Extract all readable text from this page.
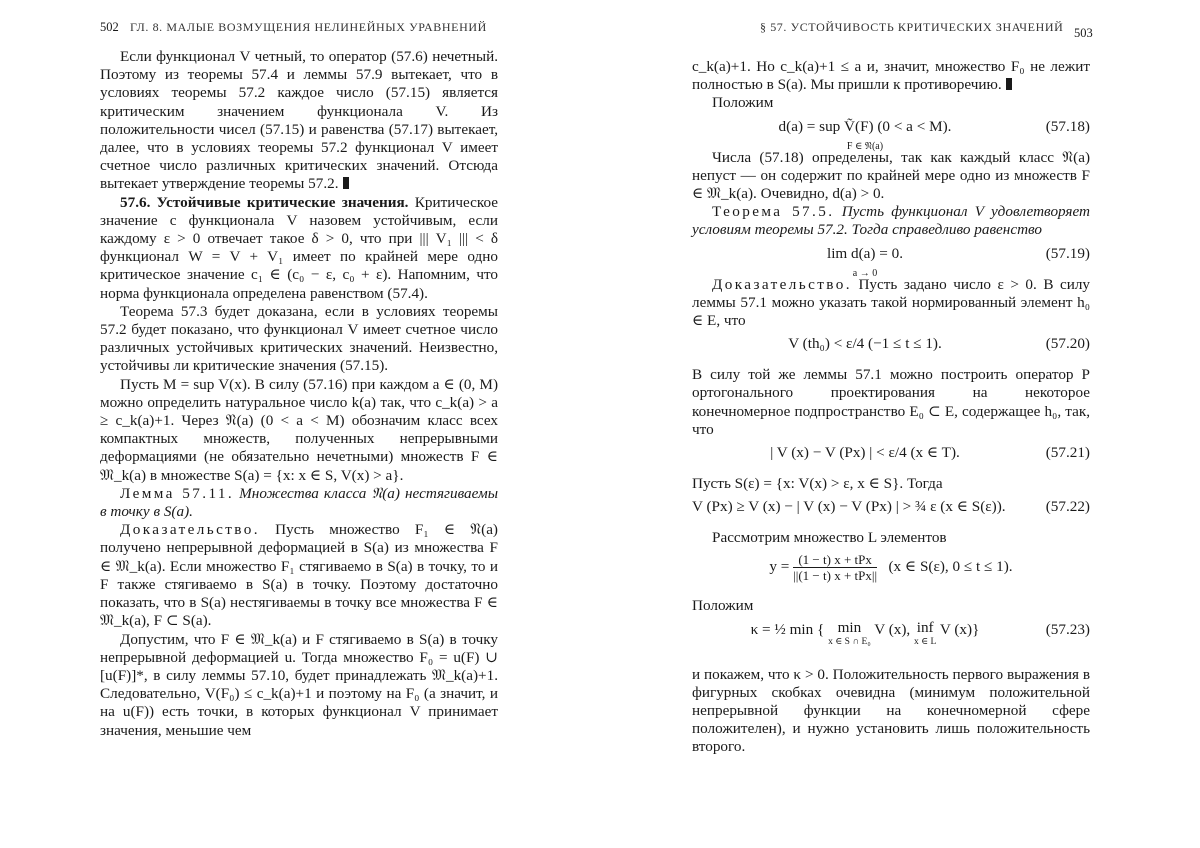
502 ГЛ. 8. МАЛЫЕ ВОЗМУЩЕНИЯ НЕЛИНЕЙНЫХ УРАВНЕНИЙ

Если функционал V четный, то оператор (57.6) нечетный. Поэтому из теоремы 57.4 и леммы 57.9 вытекает, что в условиях теоремы 57.2 каждое число (57.15) является критическим значением функционала V. Из положительности чисел (57.15) и равенства (57.17) вытекает, далее, что в условиях теоремы 57.2 функционал V имеет счетное число различных критических значений. Отсюда вытекает утверждение теоремы 57.2.

57.6. Устойчивые критические значения. Критическое значение c функционала V назовем устойчивым, если каждому ε > 0 отвечает такое δ > 0, что при ||| V₁ ||| < δ функционал W = V + V₁ имеет по крайней мере одно критическое значение c₁ ∈ (c₀ − ε, c₀ + ε). Напомним, что норма функционала определена равенством (57.4).

Теорема 57.3 будет доказана, если в условиях теоремы 57.2 будет показано, что функционал V имеет счетное число различных устойчивых критических значений. Неизвестно, устойчивы ли критические значения (57.15).

Пусть M = sup V(x). В силу (57.16) при каждом a ∈ (0, M) можно определить натуральное число k(a) так, что c_k(a) > a ≥ c_k(a)+1. Через 𝔑(a) (0 < a < M) обозначим класс всех компактных множеств, полученных непрерывными деформациями (не обязательно нечетными) множеств F ∈ 𝔐_k(a) в множестве S(a) = {x: x ∈ S, V(x) > a}.

Лемма 57.11. Множества класса 𝔑(a) нестягиваемы в точку в S(a).

Доказательство. Пусть множество F₁ ∈ 𝔑(a) получено непрерывной деформацией в S(a) из множества F ∈ 𝔐_k(a). Если множество F₁ стягиваемо в S(a) в точку, то и F также стягиваемо в S(a) в точку. Поэтому достаточно показать, что в S(a) нестягиваемы в точку все множества F ∈ 𝔐_k(a), F ⊂ S(a).

Допустим, что F ∈ 𝔐_k(a) и F стягиваемо в S(a) в точку непрерывной деформацией u. Тогда множество F₀ = u(F) ∪ [u(F)]*, в силу леммы 57.10, будет принадлежать 𝔐_k(a)+1. Следовательно, V(F₀) ≤ c_k(a)+1 и поэтому на F₀ (а значит, и на u(F)) есть точки, в которых функционал V принимает значения, меньшие чем

§ 57. УСТОЙЧИВОСТЬ КРИТИЧЕСКИХ ЗНАЧЕНИЙ 503

c_k(a)+1. Но c_k(a)+1 ≤ a и, значит, множество F₀ не лежит полностью в S(a). Мы пришли к противоречию.

Положим

d(a) = sup Ṽ(F) (0 < a < M).
F ∈ 𝔑(a)
(57.18)

Числа (57.18) определены, так как каждый класс 𝔑(a) непуст — он содержит по крайней мере одно из множеств F ∈ 𝔐_k(a). Очевидно, d(a) > 0.

Теорема 57.5. Пусть функционал V удовлетворяет условиям теоремы 57.2. Тогда справедливо равенство

lim d(a) = 0.
a → 0
(57.19)

Доказательство. Пусть задано число ε > 0. В силу леммы 57.1 можно указать такой нормированный элемент h₀ ∈ E, что

V (th₀) < ε/4 (−1 ≤ t ≤ 1).	(57.20)

В силу той же леммы 57.1 можно построить оператор P ортогонального проектирования на некоторое конечномерное подпространство E₀ ⊂ E, содержащее h₀, так, что

| V (x) − V (Px) | < ε/4 (x ∈ T).	(57.21)

Пусть S(ε) = {x: V(x) > ε, x ∈ S}. Тогда

V (Px) ≥ V (x) − | V (x) − V (Px) | > ¾ ε (x ∈ S(ε)).	(57.22)

Рассмотрим множество L элементов

$y = \frac{\text{(1 − t) x + tPx}}{\text{||(1 − t) x + tPx||}} (x$ ∈ S(ε), 0 ≤ t ≤ 1).

Положим

κ = ½ min { min
x ∈ S ∩ E₀
V (x), inf
x ∈ L
V (x)}	(57.23)

и покажем, что κ > 0. Положительность первого выражения в фигурных скобках очевидна (минимум положительной непрерывной функции на конечномерной сфере положителен), и нужно установить лишь положительность второго.
